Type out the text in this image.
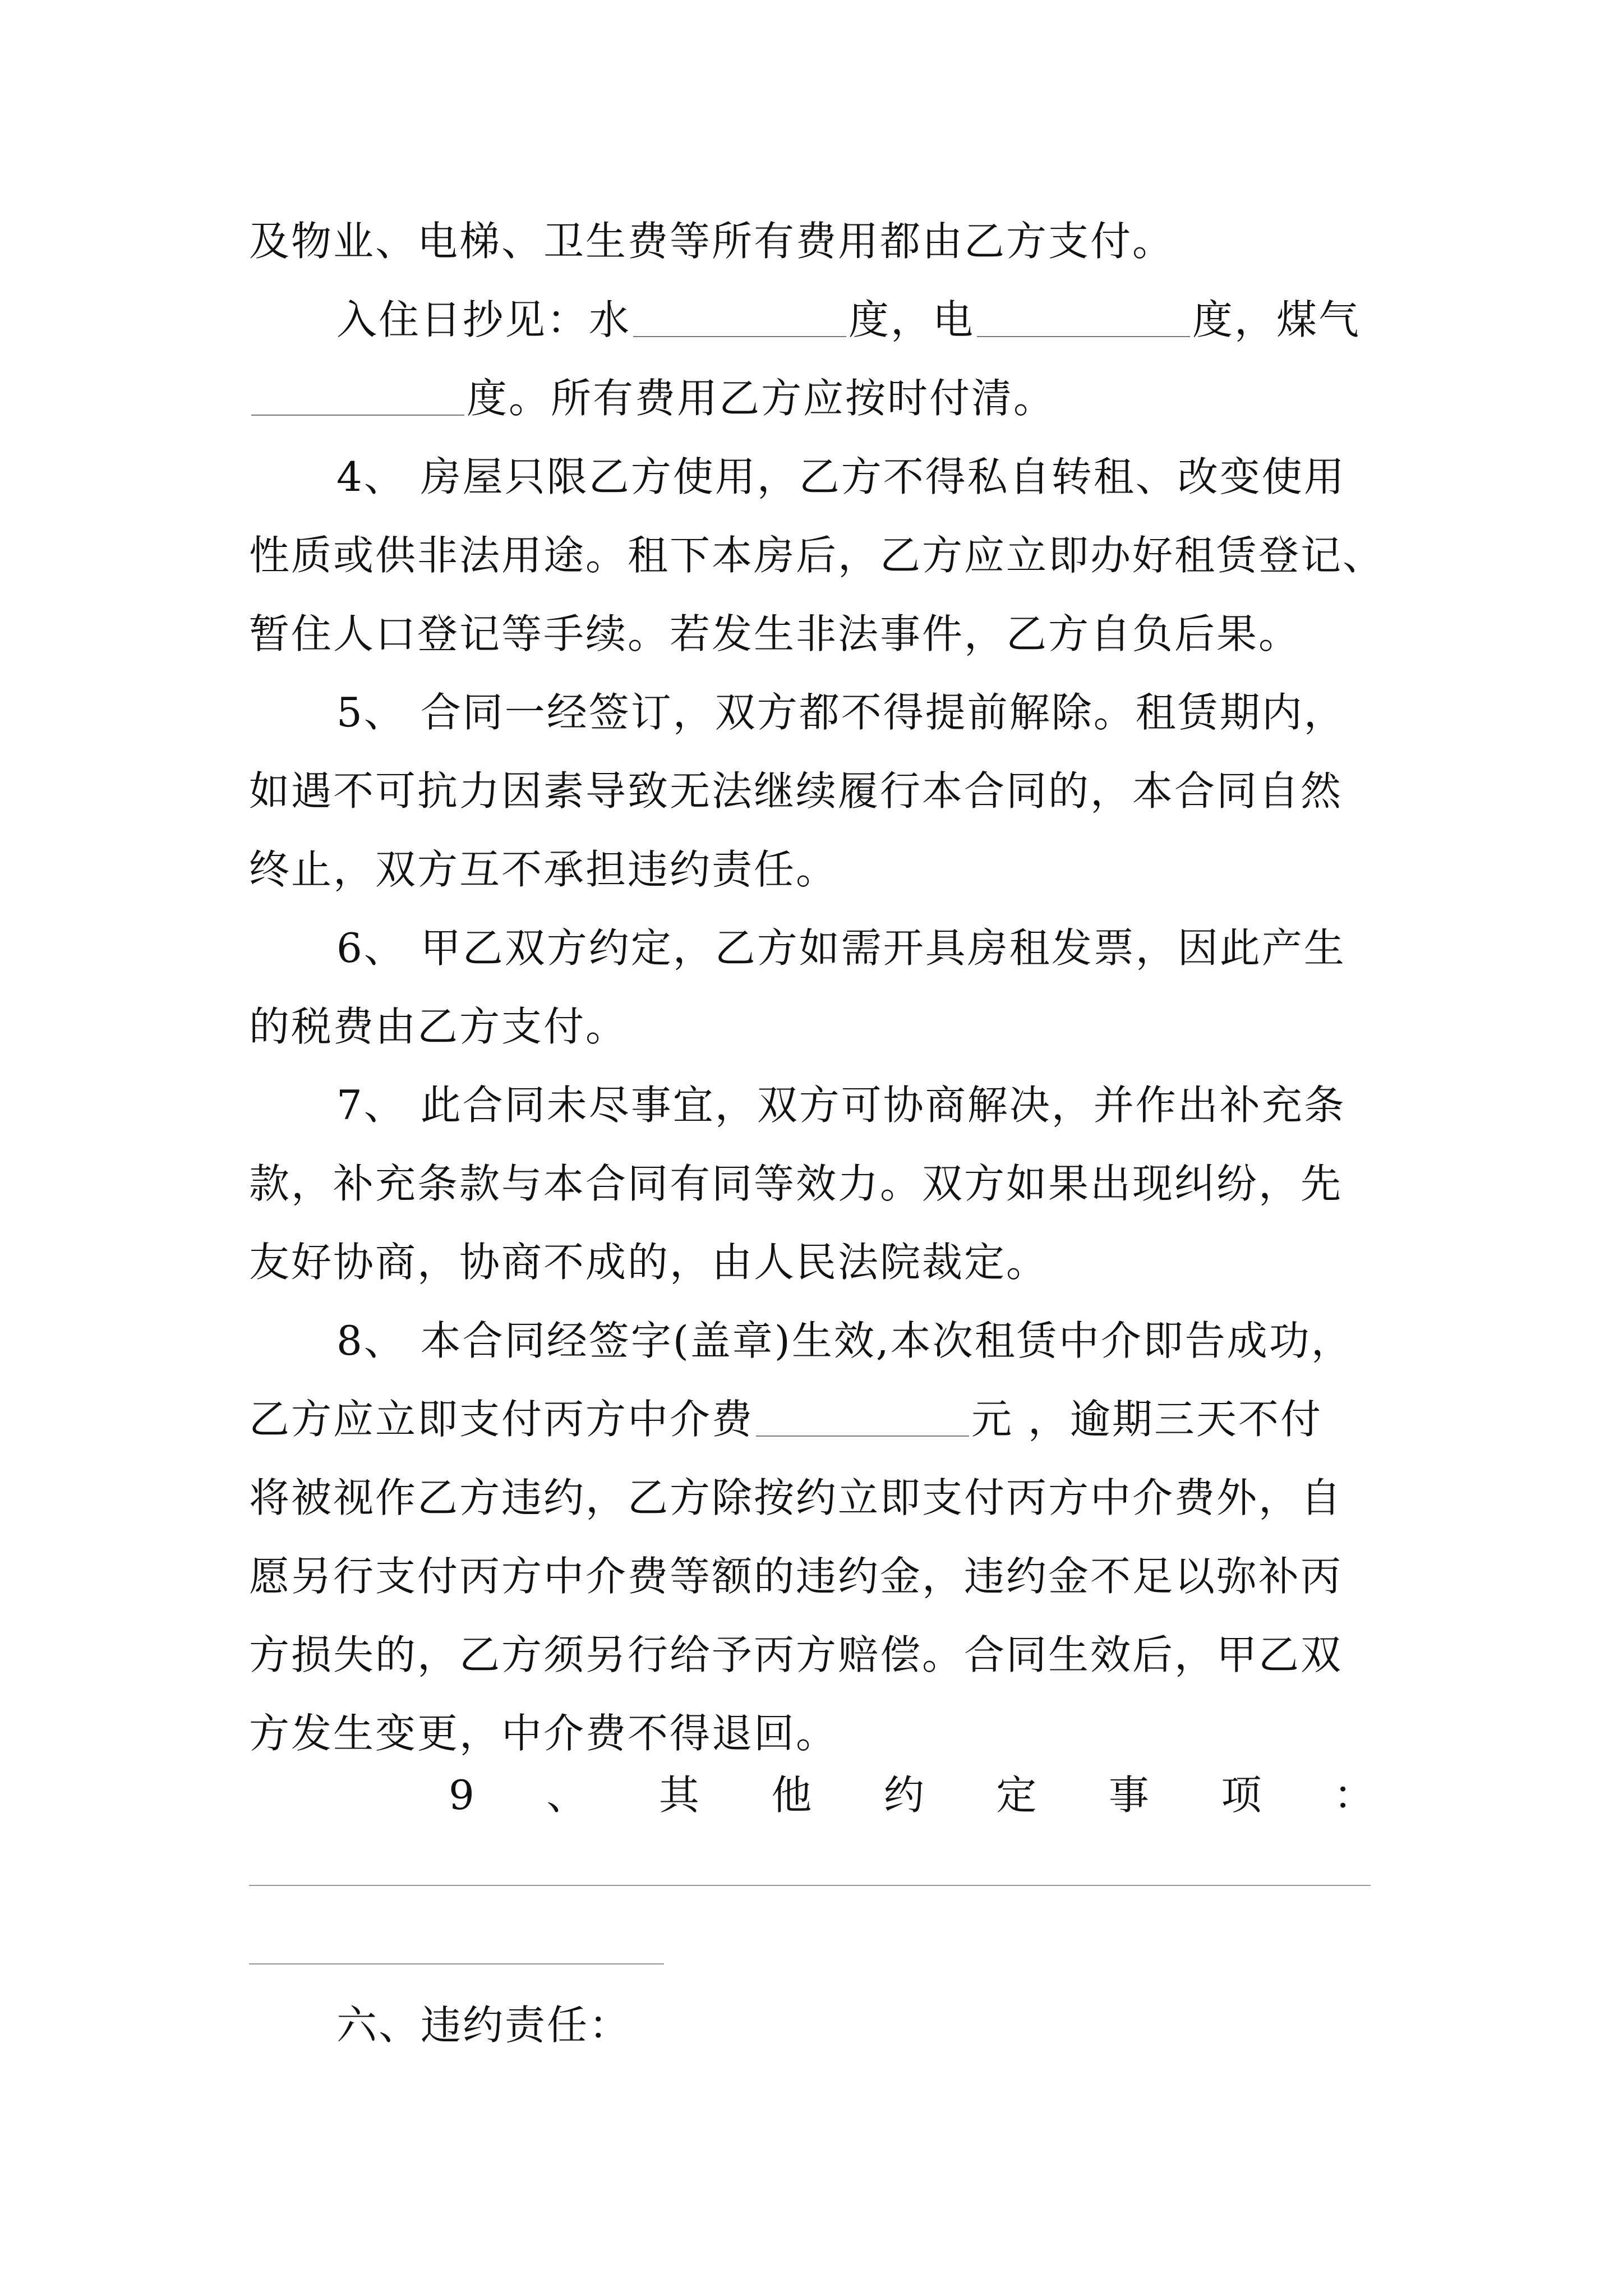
及物业、电梯、卫生费等所有费用都由乙方支付。
入住日抄见：水	度，电	度，煤气
度。所有费用乙方应按时付清。
4、 房屋只限乙方使用，乙方不得私自转租、改变使用
性质或供非法用途。租下本房后，乙方应立即办好租赁登记、
暂住人口登记等手续。若发生非法事件，乙方自负后果。
5、 合同一经签订，双方都不得提前解除。租赁期内，
如遇不可抗力因素导致无法继续履行本合同的，本合同自然
终止，双方互不承担违约责任。
6、 甲乙双方约定，乙方如需开具房租发票，因此产生
的税费由乙方支付。
7、 此合同未尽事宜，双方可协商解决，并作出补充条
款，补充条款与本合同有同等效力。双方如果出现纠纷，先
友好协商，协商不成的，由人民法院裁定。
8、 本合同经签字(盖章)生效,本次租赁中介即告成功，
乙方应立即支付丙方中介费	元 ，逾期三天不付
将被视作乙方违约，乙方除按约立即支付丙方中介费外，自
愿另行支付丙方中介费等额的违约金，违约金不足以弥补丙
方损失的，乙方须另行给予丙方赔偿。合同生效后，甲乙双
方发生变更，中介费不得退回。
9 、 其 他 约 定 事 项 ：
六、违约责任：
